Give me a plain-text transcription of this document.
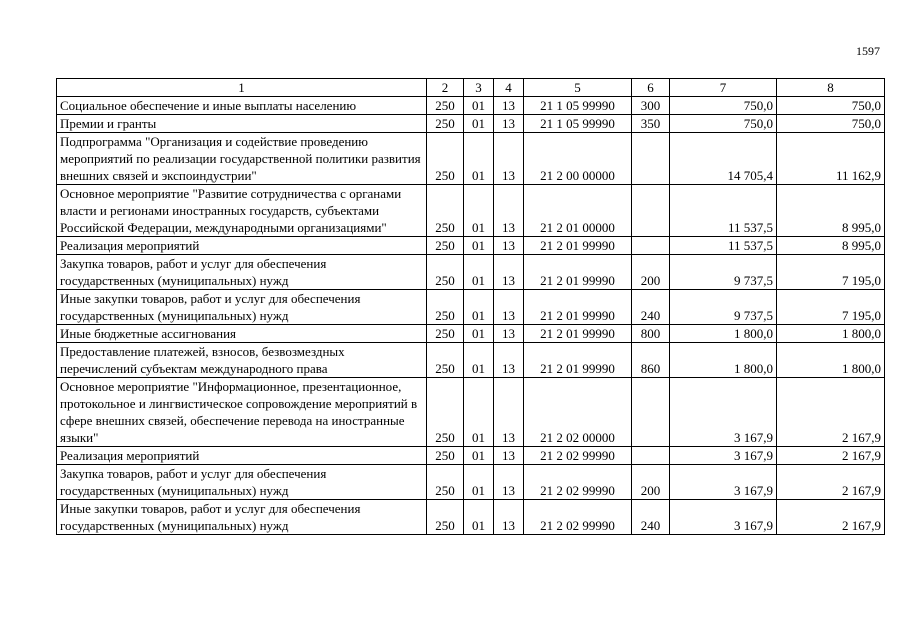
1597
1	2	3	4	5	6	7	8
Социальное обеспечение и иные выплаты населению	250	01	13	21 1 05 99990	300	750,0	750,0
Премии и гранты	250	01	13	21 1 05 99990	350	750,0	750,0
Подпрограмма "Организация и содействие проведению мероприятий по реализации государственной политики развития внешних связей и экспоиндустрии"	250	01	13	21 2 00 00000		14 705,4	11 162,9
Основное мероприятие "Развитие сотрудничества с органами власти и регионами иностранных государств, субъектами Российской Федерации, международными организациями"	250	01	13	21 2 01 00000		11 537,5	8 995,0
Реализация мероприятий	250	01	13	21 2 01 99990		11 537,5	8 995,0
Закупка товаров, работ и услуг для обеспечения государственных (муниципальных) нужд	250	01	13	21 2 01 99990	200	9 737,5	7 195,0
Иные закупки товаров, работ и услуг для обеспечения государственных (муниципальных) нужд	250	01	13	21 2 01 99990	240	9 737,5	7 195,0
Иные бюджетные ассигнования	250	01	13	21 2 01 99990	800	1 800,0	1 800,0
Предоставление платежей, взносов, безвозмездных перечислений субъектам международного права	250	01	13	21 2 01 99990	860	1 800,0	1 800,0
Основное мероприятие "Информационное, презентационное, протокольное и лингвистическое сопровождение мероприятий в сфере внешних связей, обеспечение перевода на иностранные языки"	250	01	13	21 2 02 00000		3 167,9	2 167,9
Реализация мероприятий	250	01	13	21 2 02 99990		3 167,9	2 167,9
Закупка товаров, работ и услуг для обеспечения государственных (муниципальных) нужд	250	01	13	21 2 02 99990	200	3 167,9	2 167,9
Иные закупки товаров, работ и услуг для обеспечения государственных (муниципальных) нужд	250	01	13	21 2 02 99990	240	3 167,9	2 167,9
